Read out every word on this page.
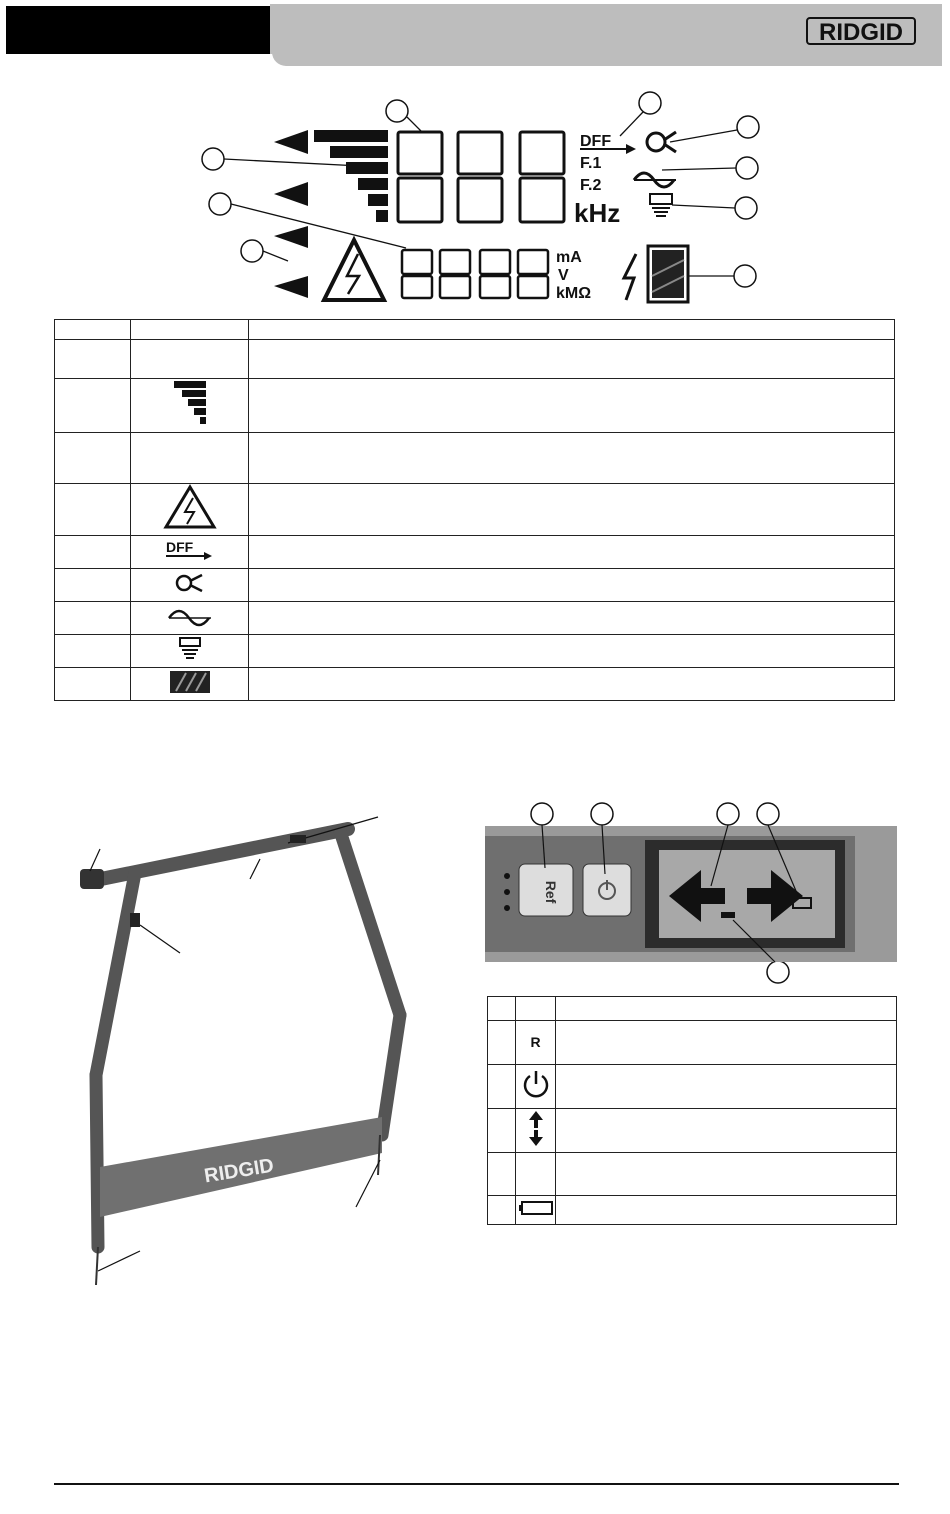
RIDGID
DFF
F.1
F.2
kHz
mA
V
kMΩ

DFF	

RIDGID
Ref

	R	
